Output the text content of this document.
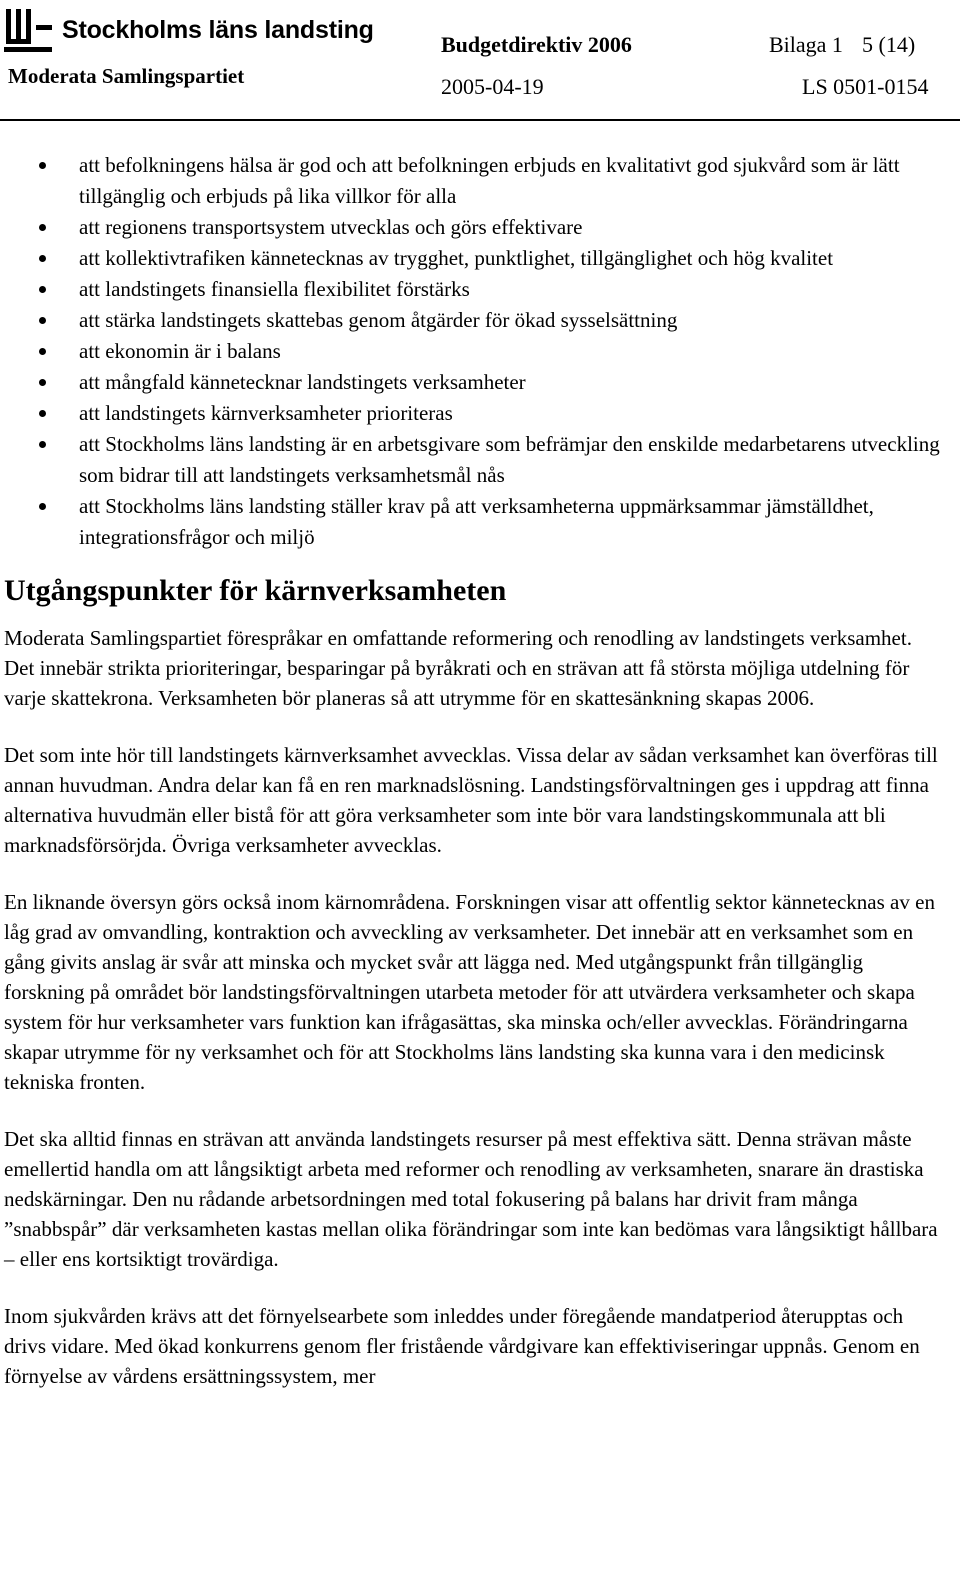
Stockholms läns landsting
Moderata Samlingspartiet
Budgetdirektiv 2006	Bilaga 1 5 (14)
2005-04-19	LS 0501-0154
att befolkningens hälsa är god och att befolkningen erbjuds en kvalitativt god sjukvård som är lätt tillgänglig och erbjuds på lika villkor för alla
att regionens transportsystem utvecklas och görs effektivare
att kollektivtrafiken kännetecknas av trygghet, punktlighet, tillgänglighet och hög kvalitet
att landstingets finansiella flexibilitet förstärks
att stärka landstingets skattebas genom åtgärder för ökad sysselsättning
att ekonomin är i balans
att mångfald kännetecknar landstingets verksamheter
att landstingets kärnverksamheter prioriteras
att Stockholms läns landsting är en arbetsgivare som befrämjar den enskilde medarbetarens utveckling som bidrar till att landstingets verksamhetsmål nås
att Stockholms läns landsting ställer krav på att verksamheterna uppmärksammar jämställdhet, integrationsfrågor och miljö
Utgångspunkter för kärnverksamheten

Moderata Samlingspartiet förespråkar en omfattande reformering och renodling av landstingets verksamhet. Det innebär strikta prioriteringar, besparingar på byråkrati och en strävan att få största möjliga utdelning för varje skattekrona. Verksamheten bör planeras så att utrymme för en skattesänkning skapas 2006.

Det som inte hör till landstingets kärnverksamhet avvecklas. Vissa delar av sådan verksamhet kan överföras till annan huvudman. Andra delar kan få en ren marknadslösning. Landstingsförvaltningen ges i uppdrag att finna alternativa huvudmän eller bistå för att göra verksamheter som inte bör vara landstingskommunala att bli marknadsförsörjda. Övriga verksamheter avvecklas.

En liknande översyn görs också inom kärnområdena. Forskningen visar att offentlig sektor kännetecknas av en låg grad av omvandling, kontraktion och avveckling av verksamheter. Det innebär att en verksamhet som en gång givits anslag är svår att minska och mycket svår att lägga ned. Med utgångspunkt från tillgänglig forskning på området bör landstingsförvaltningen utarbeta metoder för att utvärdera verksamheter och skapa system för hur verksamheter vars funktion kan ifrågasättas, ska minska och/eller avvecklas. Förändringarna skapar utrymme för ny verksamhet och för att Stockholms läns landsting ska kunna vara i den medicinsk tekniska fronten.

Det ska alltid finnas en strävan att använda landstingets resurser på mest effektiva sätt. Denna strävan måste emellertid handla om att långsiktigt arbeta med reformer och renodling av verksamheten, snarare än drastiska nedskärningar. Den nu rådande arbetsordningen med total fokusering på balans har drivit fram många ”snabbspår” där verksamheten kastas mellan olika förändringar som inte kan bedömas vara långsiktigt hållbara – eller ens kortsiktigt trovärdiga.

Inom sjukvården krävs att det förnyelsearbete som inleddes under föregående mandatperiod återupptas och drivs vidare. Med ökad konkurrens genom fler fristående vårdgivare kan effektiviseringar uppnås. Genom en förnyelse av vårdens ersättningssystem, mer
